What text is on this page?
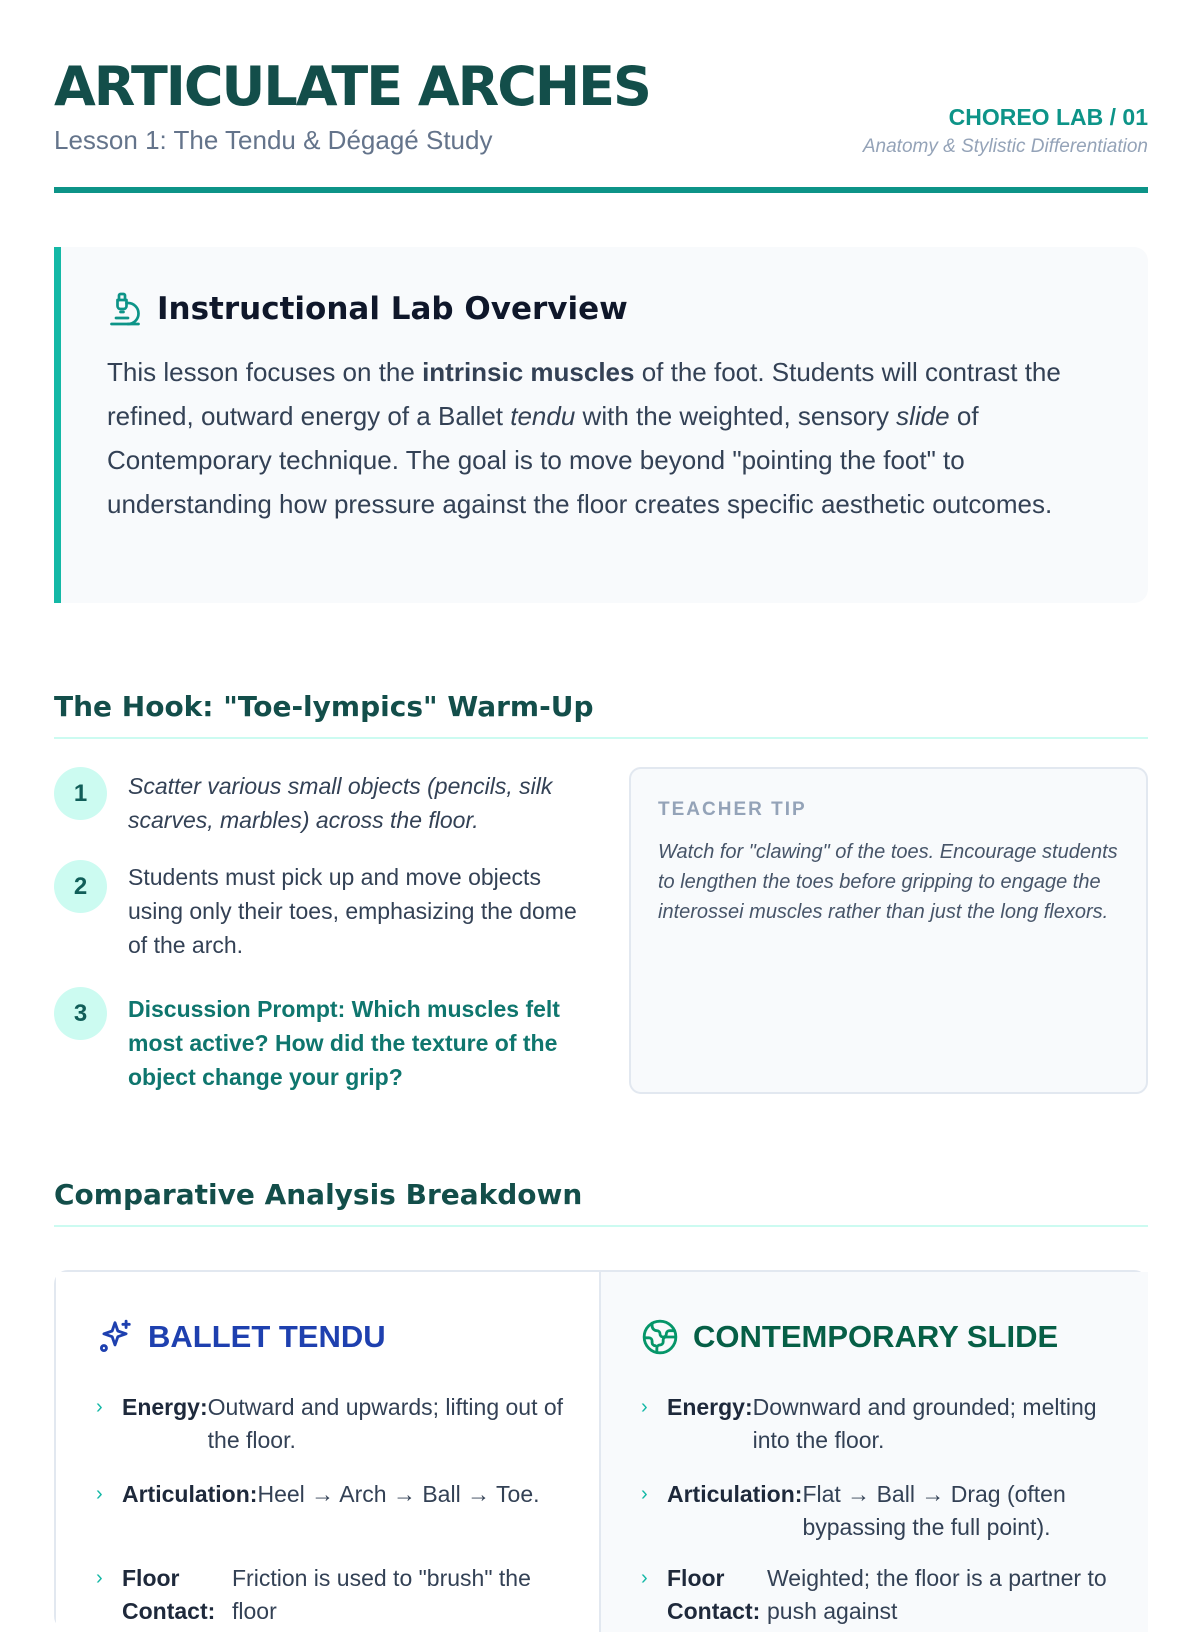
ARTICULATE ARCHES
Lesson 1: The Tendu & Dégagé Study
CHOREO LAB / 01
Anatomy & Stylistic Differentiation
Instructional Lab Overview

This lesson focuses on the intrinsic muscles of the foot. Students will contrast the refined, outward energy of a Ballet tendu with the weighted, sensory slide of Contemporary technique. The goal is to move beyond "pointing the foot" to understanding how pressure against the floor creates specific aesthetic outcomes.

The Hook: "Toe-lympics" Warm-Up
1	Scatter various small objects (pencils, silk scarves, marbles) across the floor.
2	Students must pick up and move objects using only their toes, emphasizing the dome of the arch.
3	Discussion Prompt: Which muscles felt most active? How did the texture of the object change your grip?
TEACHER TIP
Watch for "clawing" of the toes. Encourage students to lengthen the toes before gripping to engage the interossei muscles rather than just the long flexors.
Comparative Analysis Breakdown
BALLET TENDU
› Energy: Outward and upwards; lifting out of the floor.
› Articulation: Heel → Arch → Ball → Toe.
› Floor Contact:
Friction is used to "brush" the floor
CONTEMPORARY SLIDE
› Energy: Downward and grounded; melting into the floor.
› Articulation: Flat → Ball → Drag (often bypassing the full point).
› Floor Contact:
Weighted; the floor is a partner to push against
